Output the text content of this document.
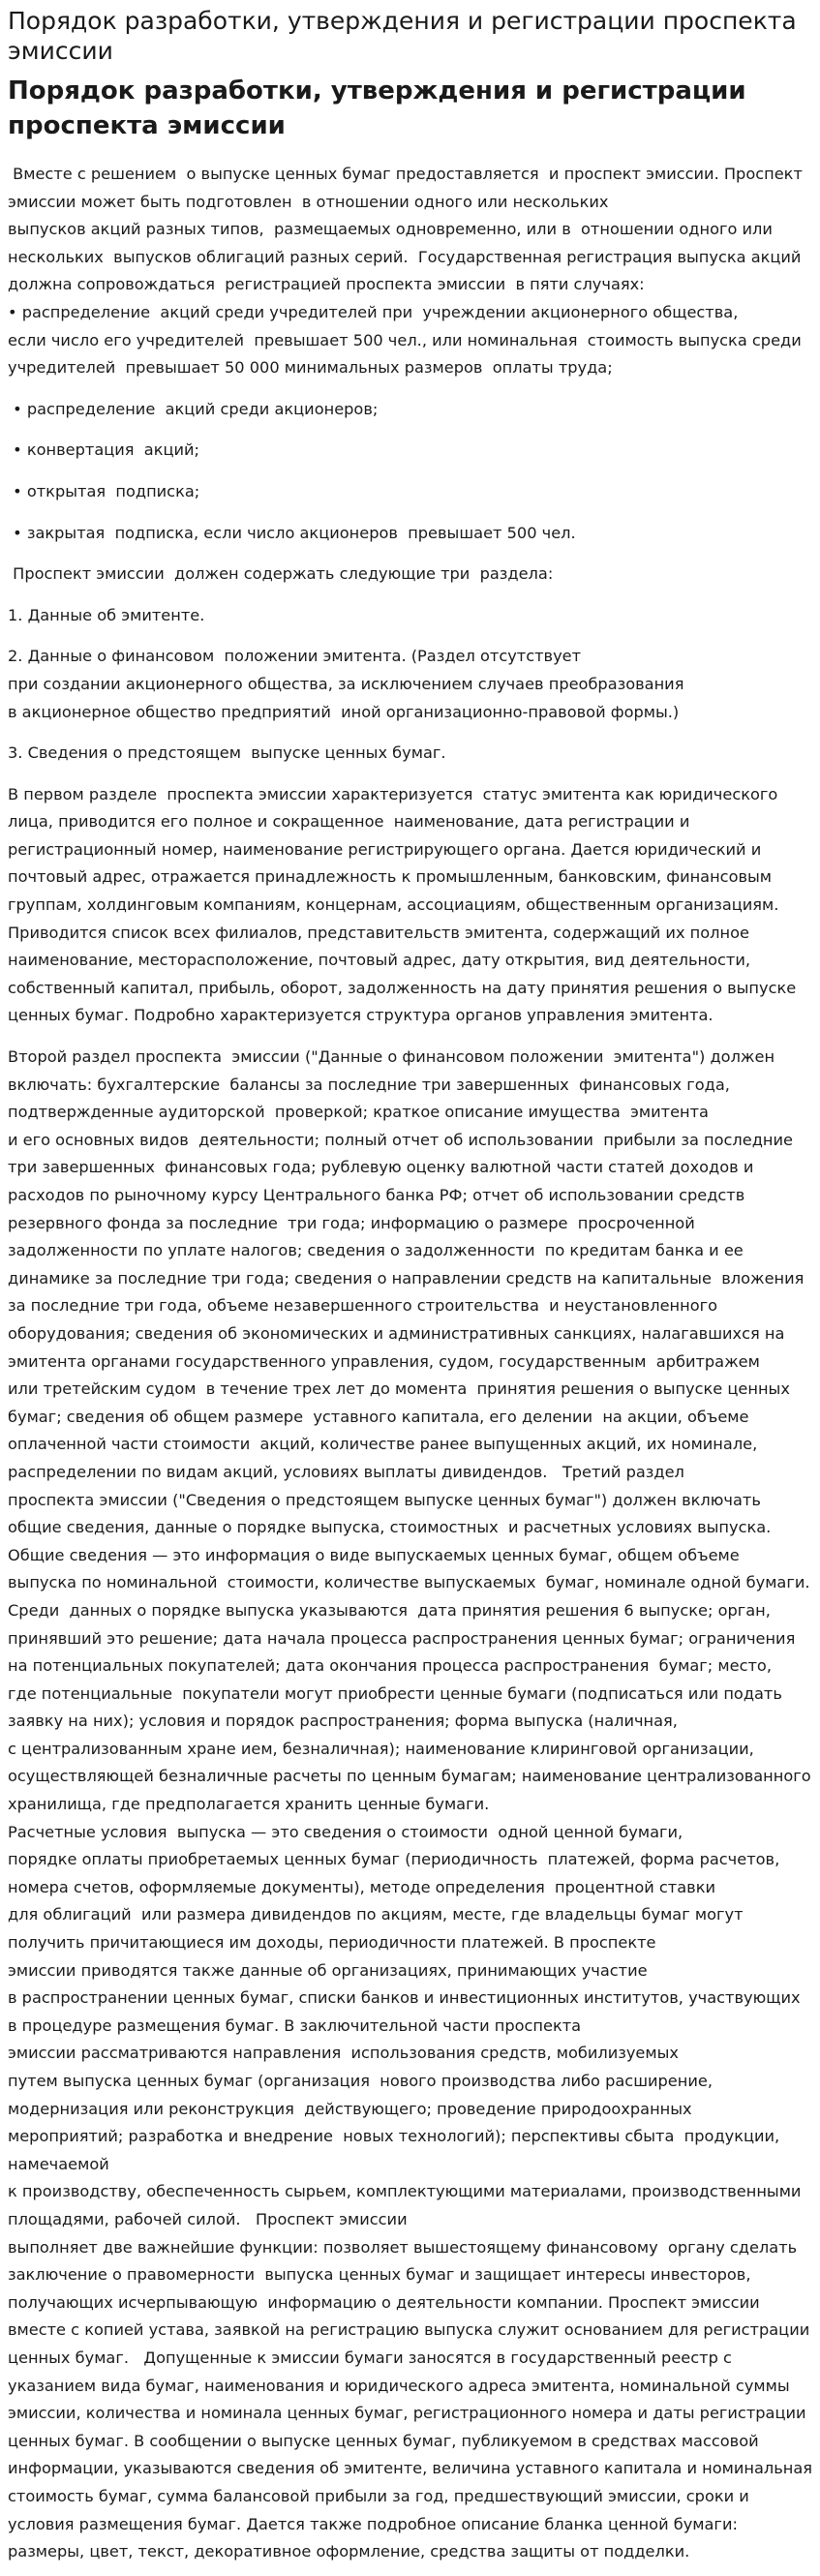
Порядок разработки, утверждения и регистрации проспекта эмиссии
Порядок разработки, утверждения и регистрации проспекта эмиссии

Вместе с решением  о выпуске ценных бумаг предоставляется  и проспект эмиссии. Проспект эмиссии может быть подготовлен  в отношении одного или нескольких
выпусков акций разных типов,  размещаемых одновременно, или в  отношении одного или нескольких  выпусков облигаций разных серий.  Государственная регистрация выпуска акций должна сопровождаться  регистрацией проспекта эмиссии  в пяти случаях:
• распределение  акций среди учредителей при  учреждении акционерного общества,
если число его учредителей  превышает 500 чел., или номинальная  стоимость выпуска среди учредителей  превышает 50 000 минимальных размеров  оплаты труда;

• распределение  акций среди акционеров;

• конвертация  акций;

• открытая  подписка;

• закрытая  подписка, если число акционеров  превышает 500 чел.

Проспект эмиссии  должен содержать следующие три  раздела:

1. Данные об эмитенте.

2. Данные о финансовом  положении эмитента. (Раздел отсутствует
при создании акционерного общества, за исключением случаев преобразования
в акционерное общество предприятий  иной организационно-правовой формы.)

3. Сведения о предстоящем  выпуске ценных бумаг.

В первом разделе  проспекта эмиссии характеризуется  статус эмитента как юридического лица, приводится его полное и сокращенное  наименование, дата регистрации и регистрационный номер, наименование регистрирующего органа. Дается юридический и почтовый адрес, отражается принадлежность к промышленным, банковским, финансовым группам, холдинговым компаниям, концернам, ассоциациям, общественным организациям. Приводится список всех филиалов, представительств эмитента, содержащий их полное наименование, месторасположение, почтовый адрес, дату открытия, вид деятельности, собственный капитал, прибыль, оборот, задолженность на дату принятия решения о выпуске ценных бумаг. Подробно характеризуется структура органов управления эмитента.

Второй раздел проспекта  эмиссии ("Данные о финансовом положении  эмитента") должен включать: бухгалтерские  балансы за последние три завершенных  финансовых года, подтвержденные аудиторской  проверкой; краткое описание имущества  эмитента
и его основных видов  деятельности; полный отчет об использовании  прибыли за последние три завершенных  финансовых года; рублевую оценку валютной части статей доходов и расходов по рыночному курсу Центрального банка РФ; отчет об использовании средств резервного фонда за последние  три года; информацию о размере  просроченной задолженности по уплате налогов; сведения о задолженности  по кредитам банка и ее динамике за последние три года; сведения о направлении средств на капитальные  вложения за последние три года, объеме незавершенного строительства  и неустановленного оборудования; сведения об экономических и административных санкциях, налагавшихся на эмитента органами государственного управления, судом, государственным  арбитражем
или третейским судом  в течение трех лет до момента  принятия решения о выпуске ценных бумаг; сведения об общем размере  уставного капитала, его делении  на акции, объеме оплаченной части стоимости  акций, количестве ранее выпущенных акций, их номинале, распределении по видам акций, условиях выплаты дивидендов.   Третий раздел
проспекта эмиссии ("Сведения о предстоящем выпуске ценных бумаг") должен включать общие сведения, данные о порядке выпуска, стоимостных  и расчетных условиях выпуска. Общие сведения — это информация о виде выпускаемых ценных бумаг, общем объеме выпуска по номинальной  стоимости, количестве выпускаемых  бумаг, номинале одной бумаги. Среди  данных о порядке выпуска указываются  дата принятия решения 6 выпуске; орган, принявший это решение; дата начала процесса распространения ценных бумаг; ограничения на потенциальных покупателей; дата окончания процесса распространения  бумаг; место,
где потенциальные  покупатели могут приобрести ценные бумаги (подписаться или подать заявку на них); условия и порядок распространения; форма выпуска (наличная,
с централизованным хране ием, безналичная); наименование клиринговой организации, осуществляющей безналичные расчеты по ценным бумагам; наименование централизованного хранилища, где предполагается хранить ценные бумаги.
Расчетные условия  выпуска — это сведения о стоимости  одной ценной бумаги,
порядке оплаты приобретаемых ценных бумаг (периодичность  платежей, форма расчетов, номера счетов, оформляемые документы), методе определения  процентной ставки
для облигаций  или размера дивидендов по акциям, месте, где владельцы бумаг могут получить причитающиеся им доходы, периодичности платежей. В проспекте
эмиссии приводятся также данные об организациях, принимающих участие
в распространении ценных бумаг, списки банков и инвестиционных институтов, участвующих в процедуре размещения бумаг. В заключительной части проспекта
эмиссии рассматриваются направления  использования средств, мобилизуемых
путем выпуска ценных бумаг (организация  нового производства либо расширение, модернизация или реконструкция  действующего; проведение природоохранных  мероприятий; разработка и внедрение  новых технологий); перспективы сбыта  продукции, намечаемой
к производству, обеспеченность сырьем, комплектующими материалами, производственными площадями, рабочей силой.   Проспект эмиссии
выполняет две важнейшие функции: позволяет вышестоящему финансовому  органу сделать заключение о правомерности  выпуска ценных бумаг и защищает интересы инвесторов, получающих исчерпывающую  информацию о деятельности компании. Проспект эмиссии вместе с копией устава, заявкой на регистрацию выпуска служит основанием для регистрации ценных бумаг.   Допущенные к эмиссии бумаги заносятся в государственный реестр с указанием вида бумаг, наименования и юридического адреса эмитента, номинальной суммы эмиссии, количества и номинала ценных бумаг, регистрационного номера и даты регистрации ценных бумаг. В сообщении о выпуске ценных бумаг, публикуемом в средствах массовой информации, указываются сведения об эмитенте, величина уставного капитала и номинальная стоимость бумаг, сумма балансовой прибыли за год, предшествующий эмиссии, сроки и условия размещения бумаг. Дается также подробное описание бланка ценной бумаги: размеры, цвет, текст, декоративное оформление, средства защиты от подделки.
